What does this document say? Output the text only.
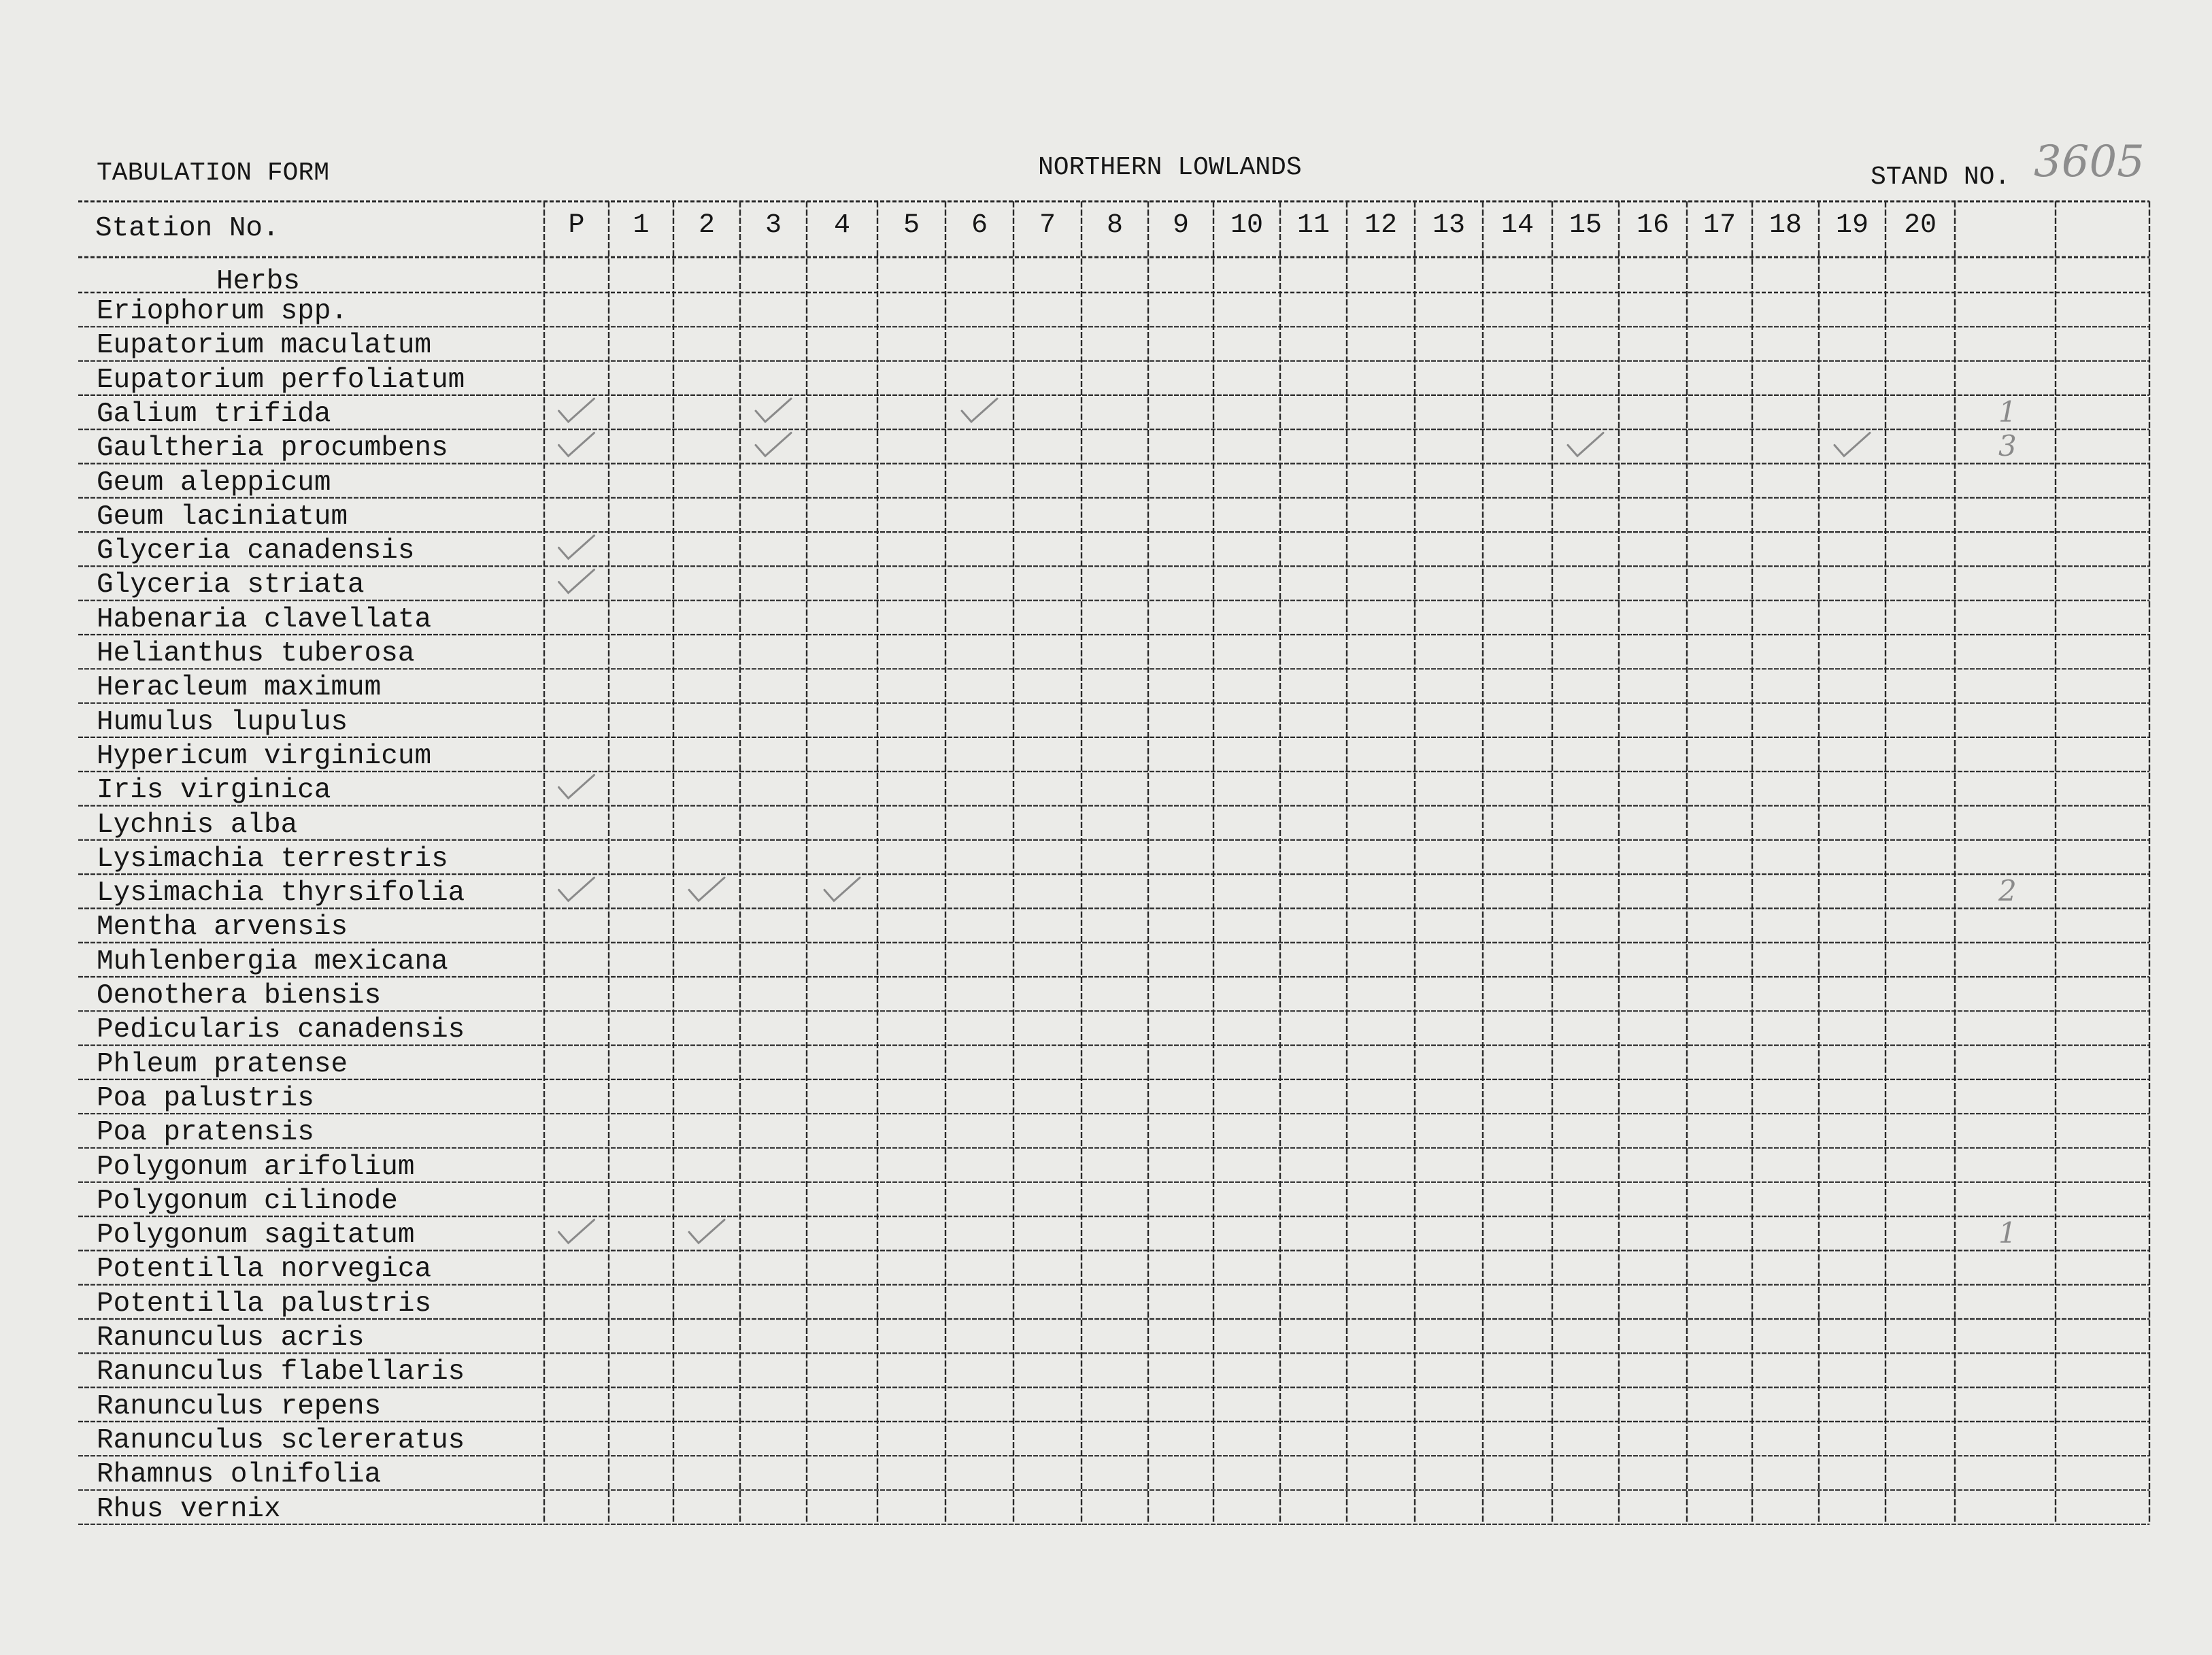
TABULATION FORM	NORTHERN LOWLANDS	STAND NO. 3605
Station No.
Herbs
P 1 2 3 4 5 6 7 8 9 10 11 12 13 14 15 16 17 18 19 20
Eriophorum spp.
Eupatorium maculatum
Eupatorium perfoliatum
Galium trifida
Gaultheria procumbens
Geum aleppicum
Geum laciniatum
Glyceria canadensis
Glyceria striata
Habenaria clavellata
Helianthus tuberosa
Heracleum maximum
Humulus lupulus
Hypericum virginicum
Iris virginica
Lychnis alba
Lysimachia terrestris
Lysimachia thyrsifolia
Mentha arvensis
Muhlenbergia mexicana
Oenothera biensis
Pedicularis canadensis
Phleum pratense
Poa palustris
Poa pratensis
Polygonum arifolium
Polygonum cilinode
Polygonum sagitatum
Potentilla norvegica
Potentilla palustris
Ranunculus acris
Ranunculus flabellaris
Ranunculus repens
Ranunculus sclereratus
Rhamnus olnifolia
Rhus vernix
1
3
2
1
